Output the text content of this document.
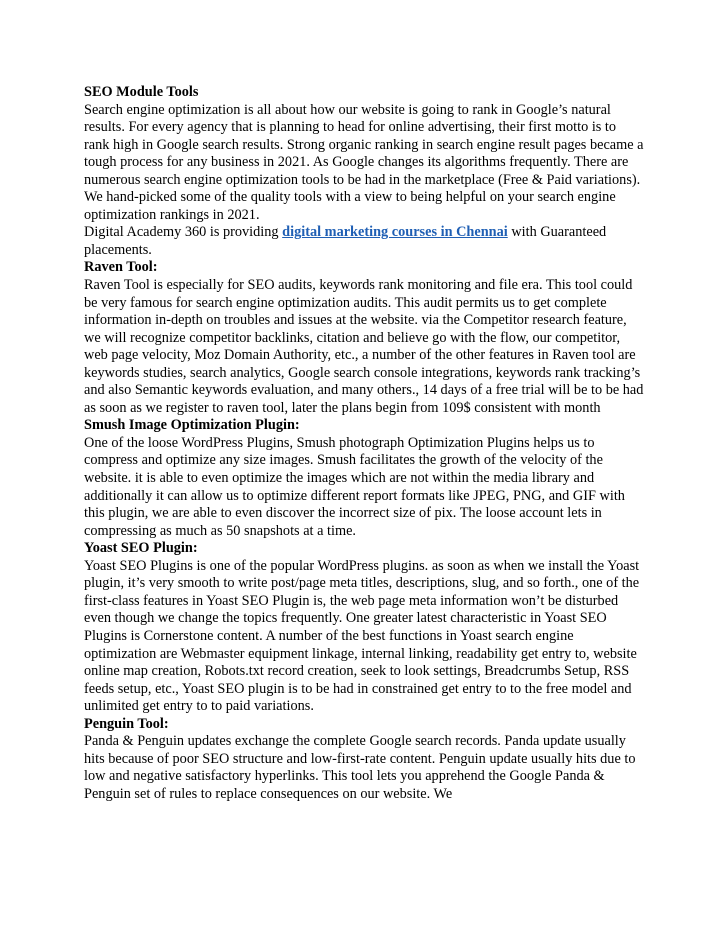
SEO Module Tools
Search engine optimization is all about how our website is going to rank in Google’s natural results. For every agency that is planning to head for online advertising, their first motto is to rank high in Google search results. Strong organic ranking in search engine result pages became a tough process for any business in 2021. As Google changes its algorithms frequently. There are numerous search engine optimization tools to be had in the marketplace (Free & Paid variations). We hand-picked some of the quality tools with a view to being helpful on your search engine optimization rankings in 2021.
Digital Academy 360 is providing digital marketing courses in Chennai with Guaranteed placements.
Raven Tool:
Raven Tool is especially for SEO audits, keywords rank monitoring and file era. This tool could be very famous for search engine optimization audits. This audit permits us to get complete information in-depth on troubles and issues at the website. via the Competitor research feature, we will recognize competitor backlinks, citation and believe go with the flow, our competitor, web page velocity, Moz Domain Authority, etc., a number of the other features in Raven tool are keywords studies, search analytics, Google search console integrations, keywords rank tracking’s and also Semantic keywords evaluation, and many others., 14 days of a free trial will be to be had as soon as we register to raven tool, later the plans begin from 109$ consistent with month
Smush Image Optimization Plugin:
One of the loose WordPress Plugins, Smush photograph Optimization Plugins helps us to compress and optimize any size images. Smush facilitates the growth of the velocity of the website. it is able to even optimize the images which are not within the media library and additionally it can allow us to optimize different report formats like JPEG, PNG, and GIF with this plugin, we are able to even discover the incorrect size of pix. The loose account lets in compressing as much as 50 snapshots at a time.
Yoast SEO Plugin:
Yoast SEO Plugins is one of the popular WordPress plugins. as soon as when we install the Yoast plugin, it’s very smooth to write post/page meta titles, descriptions, slug, and so forth., one of the first-class features in Yoast SEO Plugin is, the web page meta information won’t be disturbed even though we change the topics frequently. One greater latest characteristic in Yoast SEO Plugins is Cornerstone content. A number of the best functions in Yoast search engine optimization are Webmaster equipment linkage, internal linking, readability get entry to, website online map creation, Robots.txt record creation, seek to look settings, Breadcrumbs Setup, RSS feeds setup, etc., Yoast SEO plugin is to be had in constrained get entry to to the free model and unlimited get entry to to paid variations.
Penguin Tool:
Panda & Penguin updates exchange the complete Google search records. Panda update usually hits because of poor SEO structure and low-first-rate content. Penguin update usually hits due to low and negative satisfactory hyperlinks. This tool lets you apprehend the Google Panda & Penguin set of rules to replace consequences on our website. We
